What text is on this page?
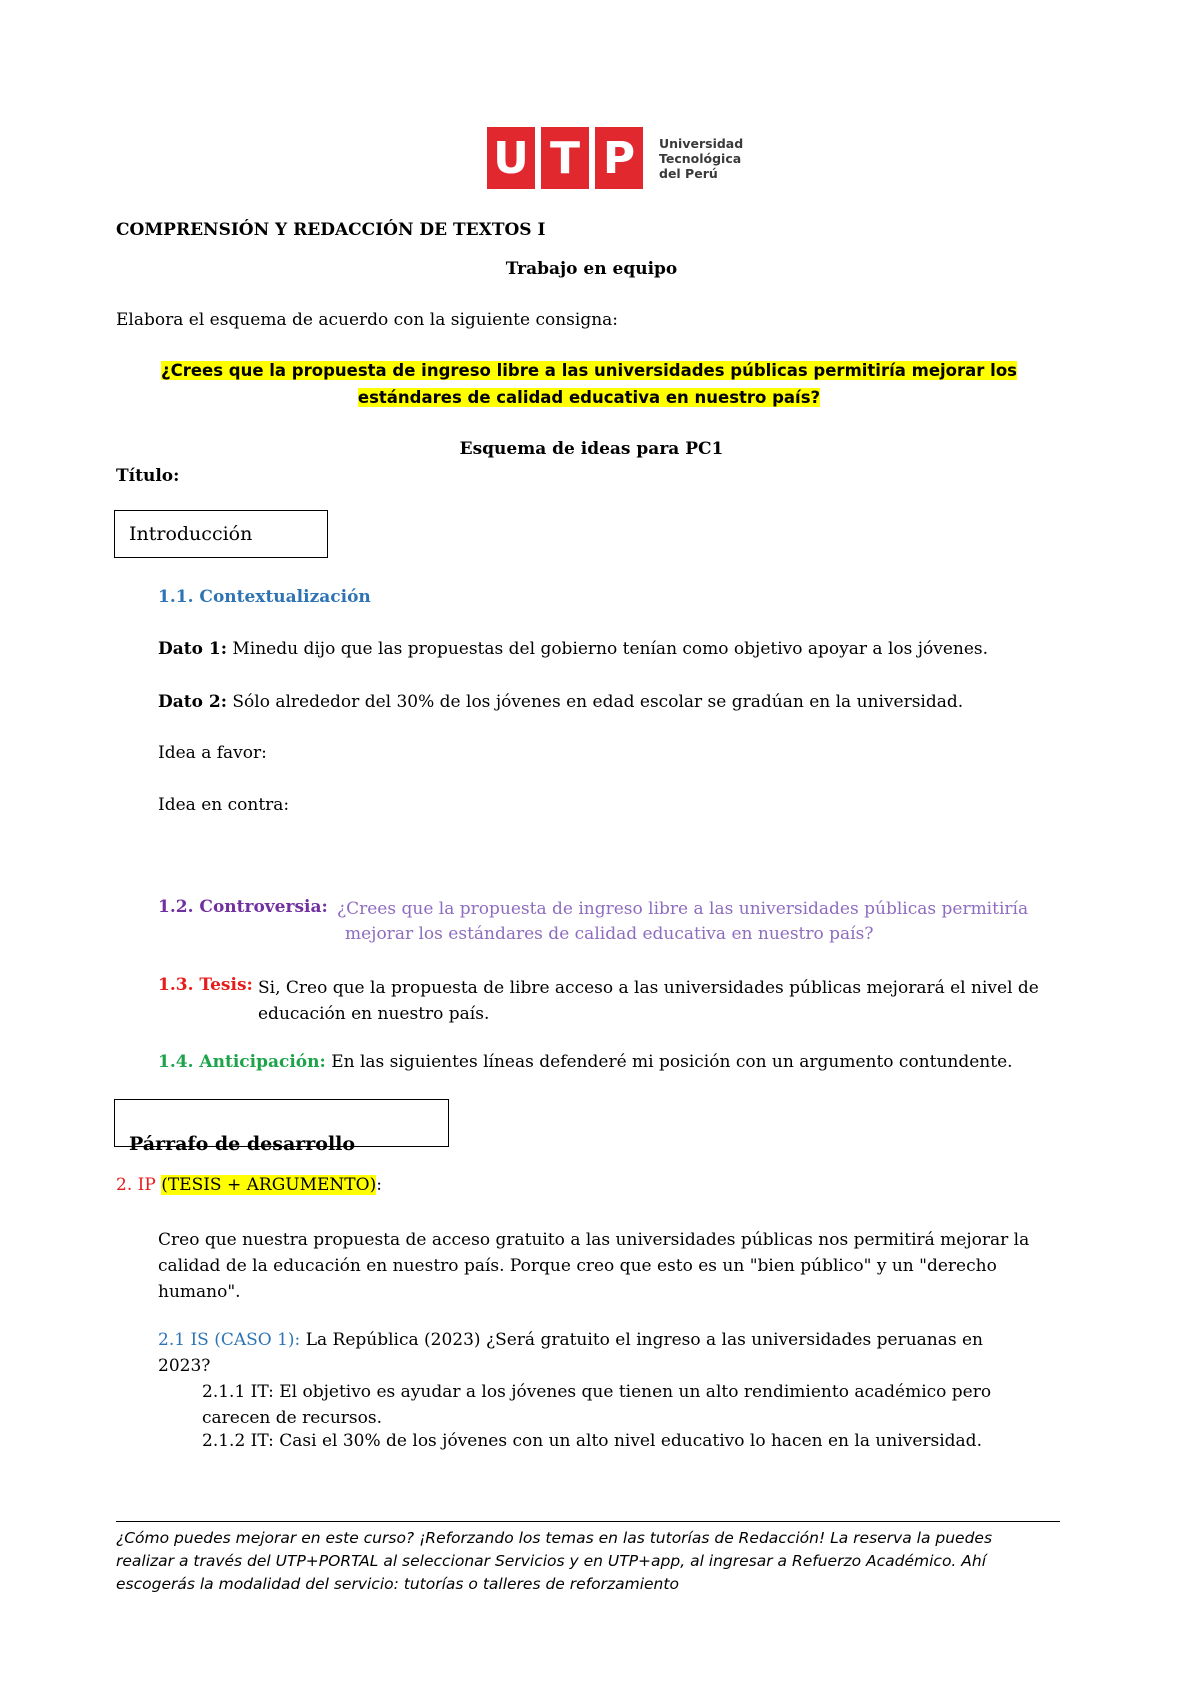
U T P	Universidad
Tecnológica
del Perú
COMPRENSIÓN Y REDACCIÓN DE TEXTOS I
Trabajo en equipo
Elabora el esquema de acuerdo con la siguiente consigna:
¿Crees que la propuesta de ingreso libre a las universidades públicas permitiría mejorar los
estándares de calidad educativa en nuestro país?
Esquema de ideas para PC1
Título:
Introducción
1.1. Contextualización
Dato 1: Minedu dijo que las propuestas del gobierno tenían como objetivo apoyar a los jóvenes.
Dato 2: Sólo alrededor del 30% de los jóvenes en edad escolar se gradúan en la universidad.
Idea a favor:
Idea en contra:
1.2. Controversia: ¿Crees que la propuesta de ingreso libre a las universidades públicas permitiría
mejorar los estándares de calidad educativa en nuestro país?
1.3. Tesis: Si, Creo que la propuesta de libre acceso a las universidades públicas mejorará el nivel de
educación en nuestro país.
1.4. Anticipación: En las siguientes líneas defenderé mi posición con un argumento contundente.
Párrafo de desarrollo
2. IP (TESIS + ARGUMENTO):
Creo que nuestra propuesta de acceso gratuito a las universidades públicas nos permitirá mejorar la
calidad de la educación en nuestro país. Porque creo que esto es un "bien público" y un "derecho
humano".
2.1 IS (CASO 1): La República (2023) ¿Será gratuito el ingreso a las universidades peruanas en
2023?
2.1.1 IT: El objetivo es ayudar a los jóvenes que tienen un alto rendimiento académico pero
carecen de recursos.
2.1.2 IT: Casi el 30% de los jóvenes con un alto nivel educativo lo hacen en la universidad.
¿Cómo puedes mejorar en este curso? ¡Reforzando los temas en las tutorías de Redacción! La reserva la puedes
realizar a través del UTP+PORTAL al seleccionar Servicios y en UTP+app, al ingresar a Refuerzo Académico. Ahí
escogerás la modalidad del servicio: tutorías o talleres de reforzamiento
